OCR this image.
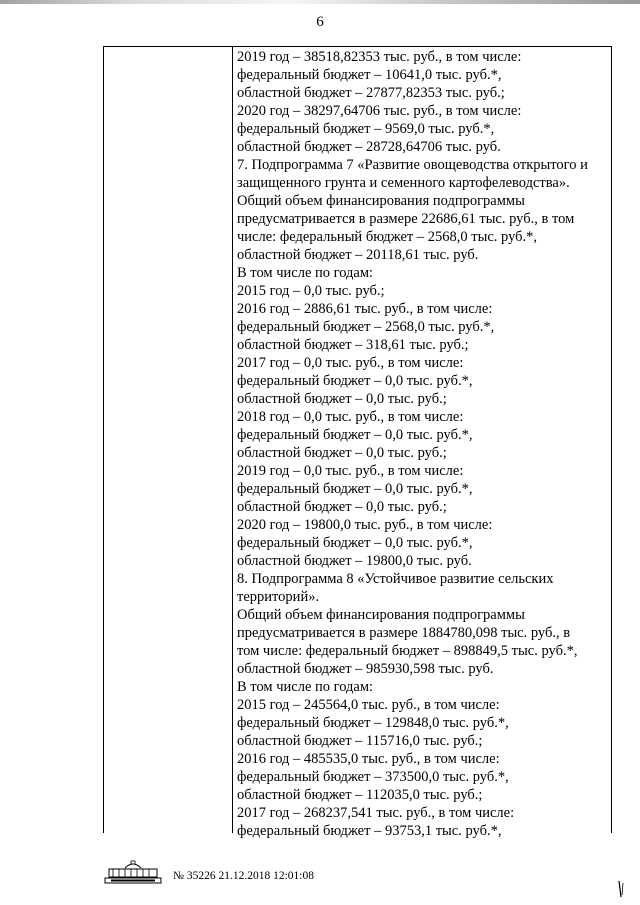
6
2019 год – 38518,82353 тыс. руб., в том числе:
федеральный бюджет – 10641,0 тыс. руб.*,
областной бюджет – 27877,82353 тыс. руб.;
2020 год – 38297,64706 тыс. руб., в том числе:
федеральный бюджет – 9569,0 тыс. руб.*,
областной бюджет – 28728,64706 тыс. руб.
7. Подпрограмма 7 «Развитие овощеводства открытого и
защищенного грунта и семенного картофелеводства».
Общий объем финансирования подпрограммы
предусматривается в размере 22686,61 тыс. руб., в том
числе: федеральный бюджет – 2568,0 тыс. руб.*,
областной бюджет – 20118,61 тыс. руб.
В том числе по годам:
2015 год – 0,0 тыс. руб.;
2016 год – 2886,61 тыс. руб., в том числе:
федеральный бюджет – 2568,0 тыс. руб.*,
областной бюджет – 318,61 тыс. руб.;
2017 год – 0,0 тыс. руб., в том числе:
федеральный бюджет – 0,0 тыс. руб.*,
областной бюджет – 0,0 тыс. руб.;
2018 год – 0,0 тыс. руб., в том числе:
федеральный бюджет – 0,0 тыс. руб.*,
областной бюджет – 0,0 тыс. руб.;
2019 год – 0,0 тыс. руб., в том числе:
федеральный бюджет – 0,0 тыс. руб.*,
областной бюджет – 0,0 тыс. руб.;
2020 год – 19800,0 тыс. руб., в том числе:
федеральный бюджет – 0,0 тыс. руб.*,
областной бюджет – 19800,0 тыс. руб.
8. Подпрограмма 8 «Устойчивое развитие сельских
территорий».
Общий объем финансирования подпрограммы
предусматривается в размере 1884780,098 тыс. руб., в
том числе: федеральный бюджет – 898849,5 тыс. руб.*,
областной бюджет – 985930,598 тыс. руб.
В том числе по годам:
2015 год – 245564,0 тыс. руб., в том числе:
федеральный бюджет – 129848,0 тыс. руб.*,
областной бюджет – 115716,0 тыс. руб.;
2016 год – 485535,0 тыс. руб., в том числе:
федеральный бюджет – 373500,0 тыс. руб.*,
областной бюджет – 112035,0 тыс. руб.;
2017 год – 268237,541 тыс. руб., в том числе:
федеральный бюджет – 93753,1 тыс. руб.*,
№ 35226 21.12.2018 12:01:08
